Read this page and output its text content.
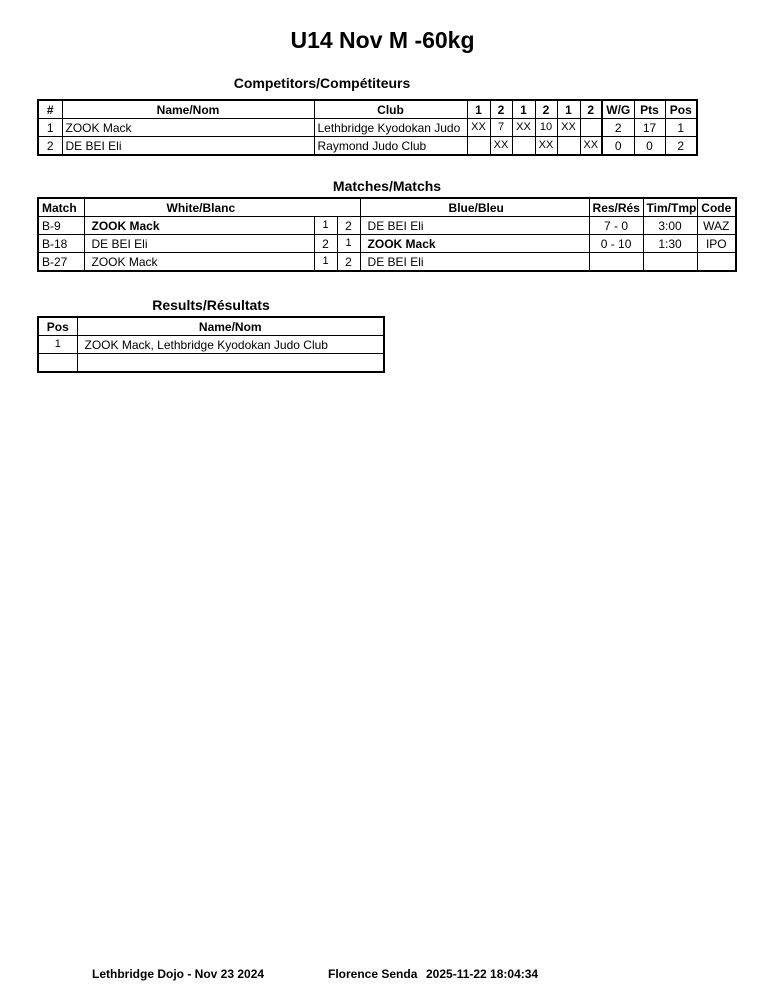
U14 Nov M -60kg
Competitors/Compétiteurs
#	Name/Nom	Club	1	2	1	2	1	2	W/G	Pts	Pos
1	ZOOK Mack	Lethbridge Kyodokan Judo	XX	7	XX	10	XX		2	17	1
2	DE BEI Eli	Raymond Judo Club		XX		XX		XX	0	0	2
Matches/Matchs
Match	White/Blanc			Blue/Bleu	Res/Rés	Tim/Tmp	Code
B-9	ZOOK Mack	1	2	DE BEI Eli	7 - 0	3:00	WAZ
B-18	DE BEI Eli	2	1	ZOOK Mack	0 - 10	1:30	IPO
B-27	ZOOK Mack	1	2	DE BEI Eli			
Results/Résultats
Pos	Name/Nom
1	ZOOK Mack, Lethbridge Kyodokan Judo Club

Lethbridge Dojo - Nov 23 2024	Florence Senda 2025-11-22 18:04:34
